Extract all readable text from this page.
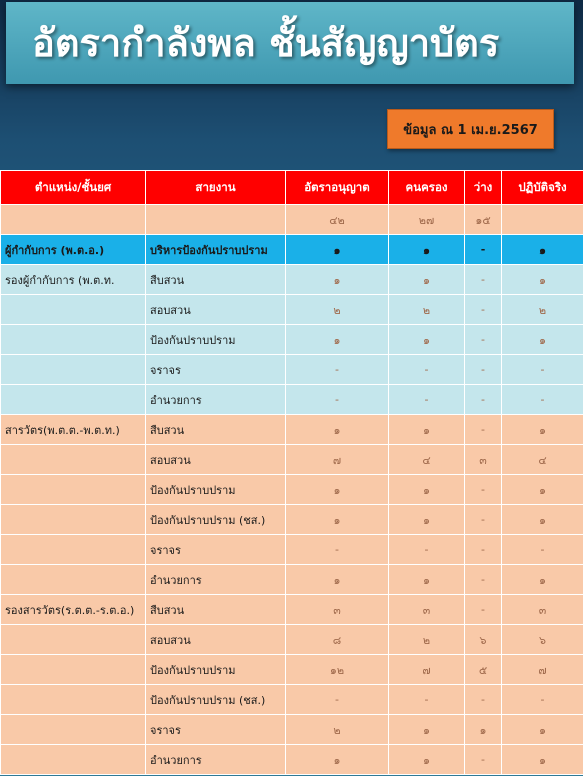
อัตรากำลังพล ชั้นสัญญาบัตร
ข้อมูล ณ 1 เม.ย.2567
ตำแหน่ง/ชั้นยศ	สายงาน	อัตราอนุญาต	คนครอง	ว่าง	ปฏิบัติจริง
		๔๒	๒๗	๑๕	
ผู้กำกับการ (พ.ต.อ.)	บริหารป้องกันปราบปราม	๑	๑	-	๑
รองผู้กำกับการ (พ.ต.ท.	สืบสวน	๑	๑	-	๑
	สอบสวน	๒	๒	-	๒
	ป้องกันปราบปราม	๑	๑	-	๑
	จราจร	-	-	-	-
	อำนวยการ	-	-	-	-
สารวัตร(พ.ต.ต.-พ.ต.ท.)	สืบสวน	๑	๑	-	๑
	สอบสวน	๗	๔	๓	๔
	ป้องกันปราบปราม	๑	๑	-	๑
	ป้องกันปราบปราม (ชส.)	๑	๑	-	๑
	จราจร	-	-	-	-
	อำนวยการ	๑	๑	-	๑
รองสารวัตร(ร.ต.ต.-ร.ต.อ.)	สืบสวน	๓	๓	-	๓
	สอบสวน	๘	๒	๖	๖
	ป้องกันปราบปราม	๑๒	๗	๕	๗
	ป้องกันปราบปราม (ชส.)	-	-	-	-
	จราจร	๒	๑	๑	๑
	อำนวยการ	๑	๑	-	๑
